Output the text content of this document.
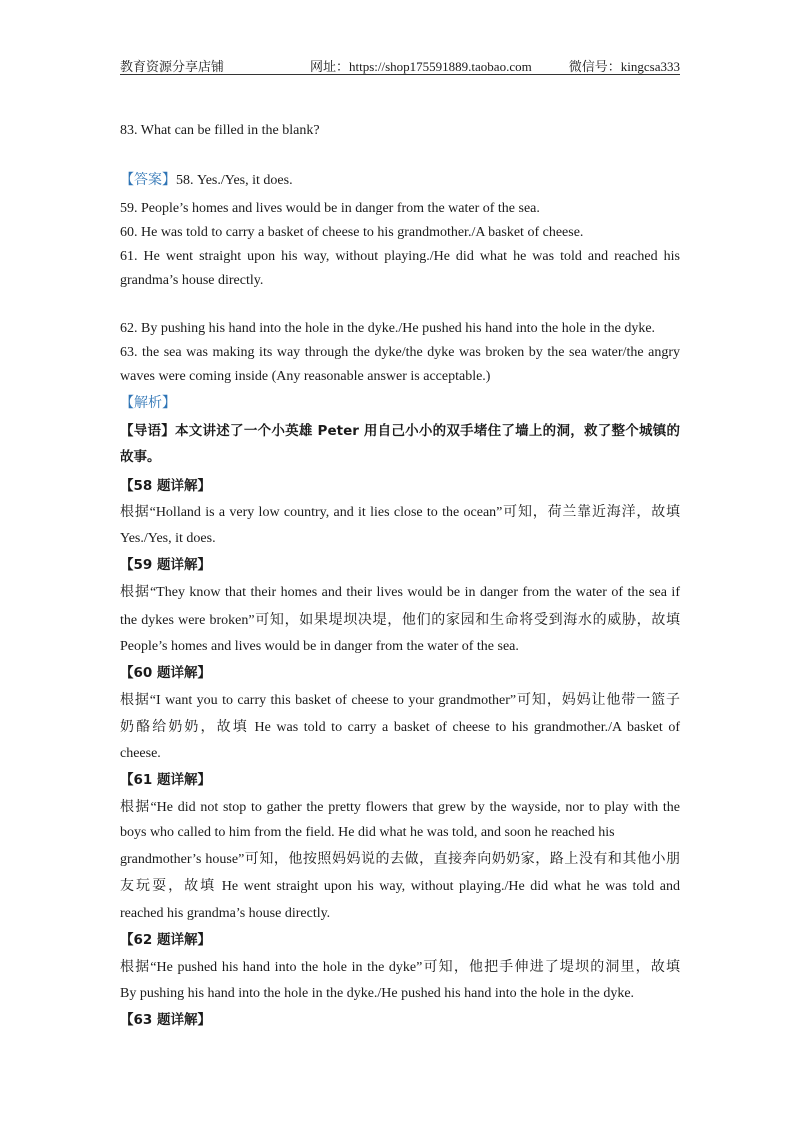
教育资源分享店铺	网址：https://shop175591889.taobao.com	微信号：kingcsa333
83. What can be filled in the blank?
【答案】58. Yes./Yes, it does.
59. People’s homes and lives would be in danger from the water of the sea.
60. He was told to carry a basket of cheese to his grandmother./A basket of cheese.
61. He went straight upon his way, without playing./He did what he was told and reached his
grandma’s house directly.
62. By pushing his hand into the hole in the dyke./He pushed his hand into the hole in the dyke.
63. the sea was making its way through the dyke/the dyke was broken by the sea water/the angry
waves were coming inside (Any reasonable answer is acceptable.)
【解析】
【导语】本文讲述了一个小英雄 Peter 用自己小小的双手堵住了墙上的洞，救了整个城镇的
故事。
【58 题详解】
根据“Holland is a very low country, and it lies close to the ocean”可知，荷兰靠近海洋，故填
Yes./Yes, it does.
【59 题详解】
根据“They know that their homes and their lives would be in danger from the water of the sea if
the dykes were broken”可知，如果堤坝决堤，他们的家园和生命将受到海水的威胁，故填
People’s homes and lives would be in danger from the water of the sea.
【60 题详解】
根据“I want you to carry this basket of cheese to your grandmother”可知，妈妈让他带一篮子
奶酪给奶奶，故填 He was told to carry a basket of cheese to his grandmother./A basket of
cheese.
【61 题详解】
根据“He did not stop to gather the pretty flowers that grew by the wayside, nor to play with the
boys who called to him from the field. He did what he was told, and soon he reached his
grandmother’s house”可知，他按照妈妈说的去做，直接奔向奶奶家，路上没有和其他小朋
友玩耍，故填 He went straight upon his way, without playing./He did what he was told and
reached his grandma’s house directly.
【62 题详解】
根据“He pushed his hand into the hole in the dyke”可知，他把手伸进了堤坝的洞里，故填
By pushing his hand into the hole in the dyke./He pushed his hand into the hole in the dyke.
【63 题详解】
